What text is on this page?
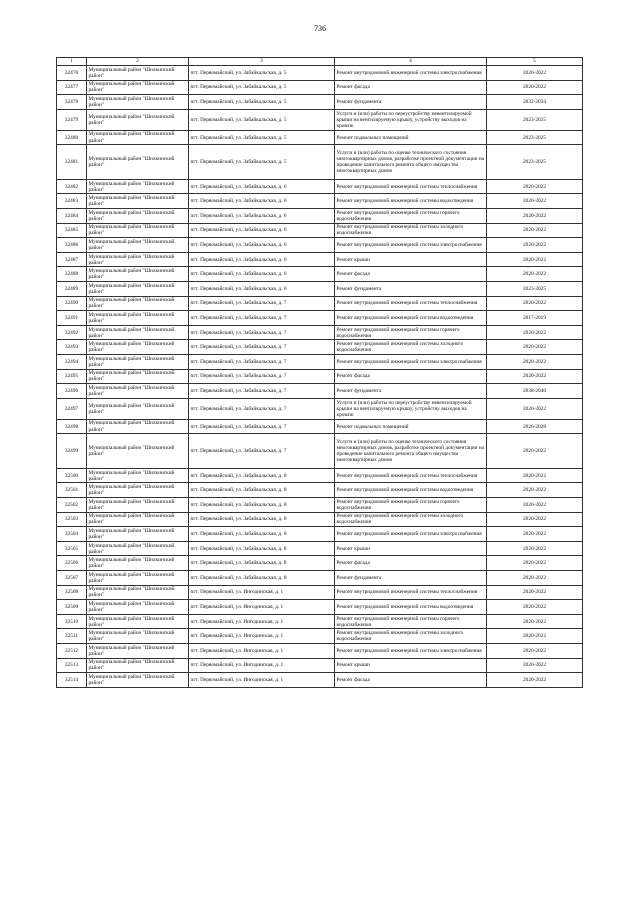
736
1	2	3	4	5
32476	Муниципальный район "Шилкинский район"	пгт. Первомайский, ул. Забайкальская, д. 5	Ремонт внутридомовой инженерной системы электроснабжения	2020-2022
32477	Муниципальный район "Шилкинский район"	пгт. Первомайский, ул. Забайкальская, д. 5	Ремонт фасада	2020-2022
32478	Муниципальный район "Шилкинский район"	пгт. Первомайский, ул. Забайкальская, д. 5	Ремонт фундамента	2032-2034
32479	Муниципальный район "Шилкинский район"	пгт. Первомайский, ул. Забайкальская, д. 5	Услуги и (или) работы по переустройству невентилируемой крыши на вентилируемую крышу, устройству выходов на кровлю	2023-2025
32480	Муниципальный район "Шилкинский район"	пгт. Первомайский, ул. Забайкальская, д. 5	Ремонт подвальных помещений	2023-2025
32481	Муниципальный район "Шилкинский район"	пгт. Первомайский, ул. Забайкальская, д. 5	Услуги и (или) работы по оценке технического состояния многоквартирных домов, разработке проектной документации на проведение капитального ремонта общего имущества многоквартирных домов	2023-2025
32482	Муниципальный район "Шилкинский район"	пгт. Первомайский, ул. Забайкальская, д. 6	Ремонт внутридомовой инженерной системы теплоснабжения	2020-2022
32483	Муниципальный район "Шилкинский район"	пгт. Первомайский, ул. Забайкальская, д. 6	Ремонт внутридомовой инженерной системы водоотведения	2020-2022
32484	Муниципальный район "Шилкинский район"	пгт. Первомайский, ул. Забайкальская, д. 6	Ремонт внутридомовой инженерной системы горячего водоснабжения	2020-2022
32485	Муниципальный район "Шилкинский район"	пгт. Первомайский, ул. Забайкальская, д. 6	Ремонт внутридомовой инженерной системы холодного водоснабжения	2020-2022
32486	Муниципальный район "Шилкинский район"	пгт. Первомайский, ул. Забайкальская, д. 6	Ремонт внутридомовой инженерной системы электроснабжения	2020-2022
32487	Муниципальный район "Шилкинский район"	пгт. Первомайский, ул. Забайкальская, д. 6	Ремонт крыши	2020-2022
32488	Муниципальный район "Шилкинский район"	пгт. Первомайский, ул. Забайкальская, д. 6	Ремонт фасада	2020-2022
32489	Муниципальный район "Шилкинский район"	пгт. Первомайский, ул. Забайкальская, д. 6	Ремонт фундамента	2023-2025
32490	Муниципальный район "Шилкинский район"	пгт. Первомайский, ул. Забайкальская, д. 7	Ремонт внутридомовой инженерной системы теплоснабжения	2020-2022
32491	Муниципальный район "Шилкинский район"	пгт. Первомайский, ул. Забайкальская, д. 7	Ремонт внутридомовой инженерной системы водоотведения	2017-2019
32492	Муниципальный район "Шилкинский район"	пгт. Первомайский, ул. Забайкальская, д. 7	Ремонт внутридомовой инженерной системы горячего водоснабжения	2020-2022
32493	Муниципальный район "Шилкинский район"	пгт. Первомайский, ул. Забайкальская, д. 7	Ремонт внутридомовой инженерной системы холодного водоснабжения	2020-2022
32494	Муниципальный район "Шилкинский район"	пгт. Первомайский, ул. Забайкальская, д. 7	Ремонт внутридомовой инженерной системы электроснабжения	2020-2022
32495	Муниципальный район "Шилкинский район"	пгт. Первомайский, ул. Забайкальская, д. 7	Ремонт фасада	2020-2022
32496	Муниципальный район "Шилкинский район"	пгт. Первомайский, ул. Забайкальская, д. 7	Ремонт фундамента	2038-2040
32497	Муниципальный район "Шилкинский район"	пгт. Первомайский, ул. Забайкальская, д. 7	Услуги и (или) работы по переустройству невентилируемой крыши на вентилируемую крышу, устройству выходов на кровлю	2020-2022
32498	Муниципальный район "Шилкинский район"	пгт. Первомайский, ул. Забайкальская, д. 7	Ремонт подвальных помещений	2026-2028
32499	Муниципальный район "Шилкинский район"	пгт. Первомайский, ул. Забайкальская, д. 7	Услуги и (или) работы по оценке технического состояния многоквартирных домов, разработке проектной документации на проведение капитального ремонта общего имущества многоквартирных домов	2020-2022
32500	Муниципальный район "Шилкинский район"	пгт. Первомайский, ул. Забайкальская, д. 8	Ремонт внутридомовой инженерной системы теплоснабжения	2020-2022
32501	Муниципальный район "Шилкинский район"	пгт. Первомайский, ул. Забайкальская, д. 8	Ремонт внутридомовой инженерной системы водоотведения	2020-2022
32502	Муниципальный район "Шилкинский район"	пгт. Первомайский, ул. Забайкальская, д. 8	Ремонт внутридомовой инженерной системы горячего водоснабжения	2020-2022
32503	Муниципальный район "Шилкинский район"	пгт. Первомайский, ул. Забайкальская, д. 8	Ремонт внутридомовой инженерной системы холодного водоснабжения	2020-2022
32504	Муниципальный район "Шилкинский район"	пгт. Первомайский, ул. Забайкальская, д. 8	Ремонт внутридомовой инженерной системы электроснабжения	2020-2022
32505	Муниципальный район "Шилкинский район"	пгт. Первомайский, ул. Забайкальская, д. 8	Ремонт крыши	2020-2022
32506	Муниципальный район "Шилкинский район"	пгт. Первомайский, ул. Забайкальская, д. 8	Ремонт фасада	2020-2022
32507	Муниципальный район "Шилкинский район"	пгт. Первомайский, ул. Забайкальская, д. 8	Ремонт фундамента	2020-2022
32508	Муниципальный район "Шилкинский район"	пгт. Первомайский, ул. Ингодинская, д. 1	Ремонт внутридомовой инженерной системы теплоснабжения	2020-2022
32509	Муниципальный район "Шилкинский район"	пгт. Первомайский, ул. Ингодинская, д. 1	Ремонт внутридомовой инженерной системы водоотведения	2020-2022
32510	Муниципальный район "Шилкинский район"	пгт. Первомайский, ул. Ингодинская, д. 1	Ремонт внутридомовой инженерной системы горячего водоснабжения	2020-2022
32511	Муниципальный район "Шилкинский район"	пгт. Первомайский, ул. Ингодинская, д. 1	Ремонт внутридомовой инженерной системы холодного водоснабжения	2020-2022
32512	Муниципальный район "Шилкинский район"	пгт. Первомайский, ул. Ингодинская, д. 1	Ремонт внутридомовой инженерной системы электроснабжения	2020-2022
32513	Муниципальный район "Шилкинский район"	пгт. Первомайский, ул. Ингодинская, д. 1	Ремонт крыши	2020-2022
32514	Муниципальный район "Шилкинский район"	пгт. Первомайский, ул. Ингодинская, д. 1	Ремонт фасада	2020-2022
